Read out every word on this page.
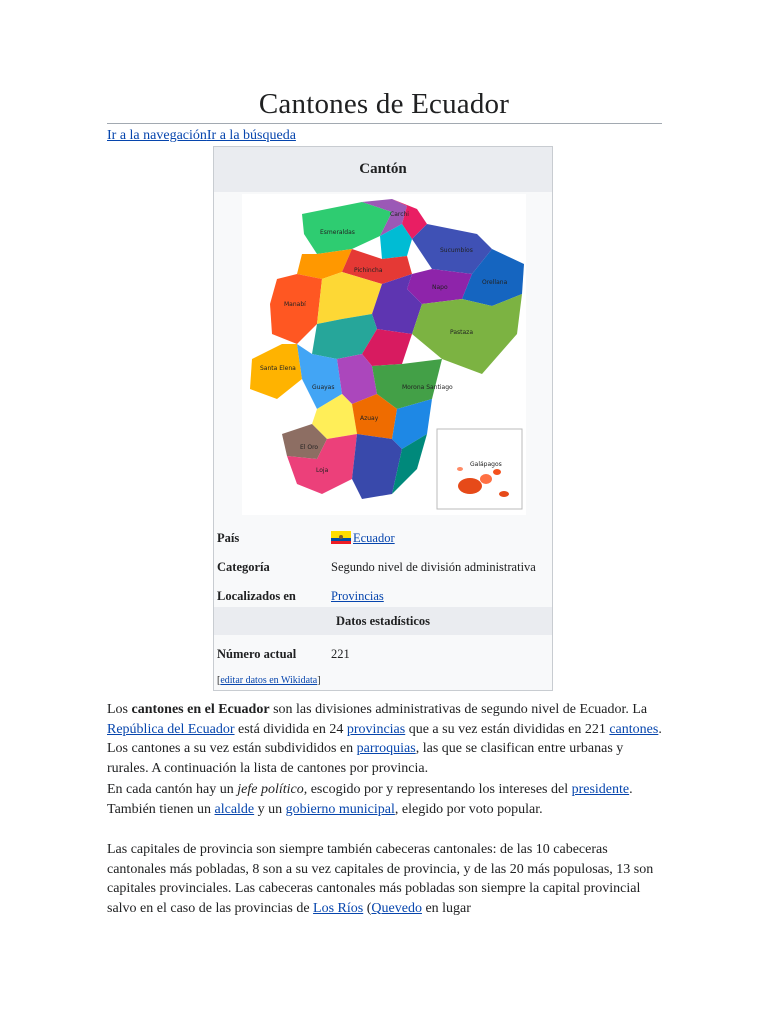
Cantones de Ecuador
Ir a la navegaciónIr a la búsqueda
Cantón
Esmeraldas
Carchi
Sucumbíos
Pichincha
Napo
Orellana
Manabí
Pastaza
Santa Elena
Guayas	Morona Santiago
Azuay
El Oro
Loja
Galápagos
País	Ecuador
Categoría	Segundo nivel de división administrativa
Localizados en	Provincias
Datos estadísticos
Número actual	221
[editar datos en Wikidata]

Los cantones en el Ecuador son las divisiones administrativas de segundo nivel de Ecuador. La República del Ecuador está dividida en 24 provincias que a su vez están divididas en 221 cantones. Los cantones a su vez están subdivididos en parroquias, las que se clasifican entre urbanas y rurales. A continuación la lista de cantones por provincia.

En cada cantón hay un jefe político, escogido por y representando los intereses del presidente. También tienen un alcalde y un gobierno municipal, elegido por voto popular.

Las capitales de provincia son siempre también cabeceras cantonales: de las 10 cabeceras cantonales más pobladas, 8 son a su vez capitales de provincia, y de las 20 más populosas, 13 son capitales provinciales. Las cabeceras cantonales más pobladas son siempre la capital provincial salvo en el caso de las provincias de Los Ríos (Quevedo en lugar
